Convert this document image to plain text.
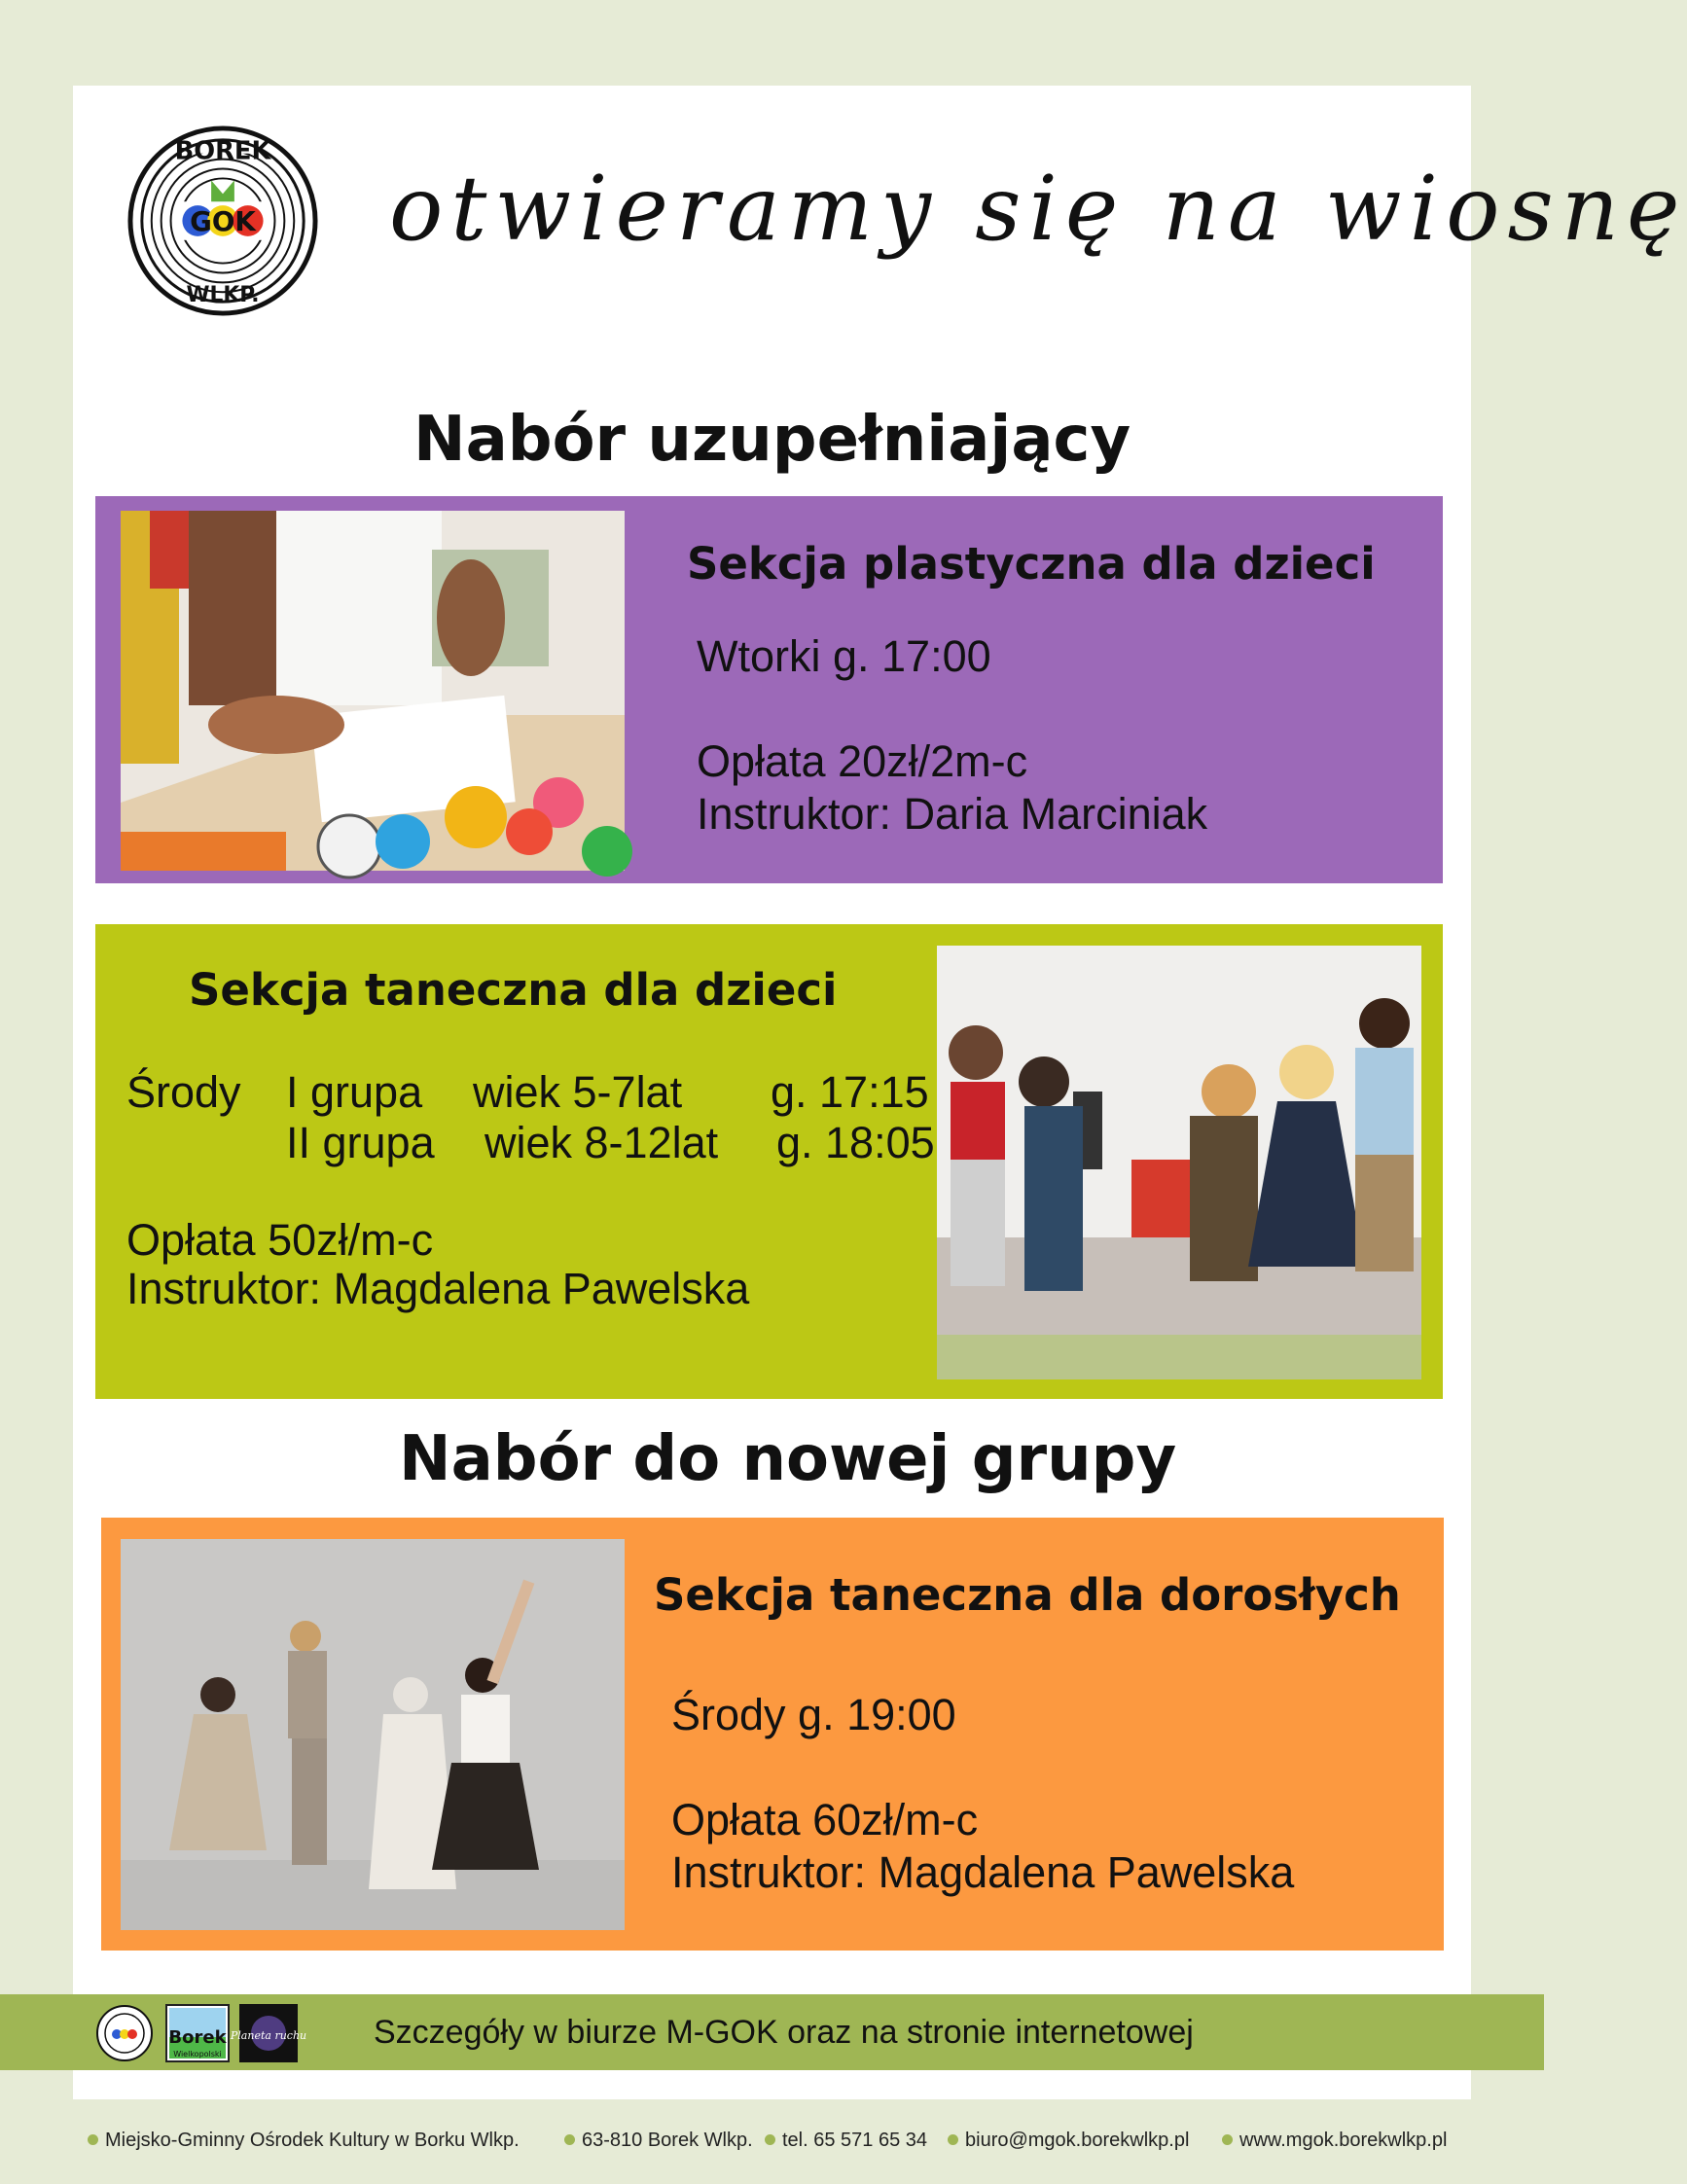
BOREK
GOK
WLKP.
otwieramy się na wiosnę
Nabór uzupełniający
Sekcja plastyczna dla dzieci
Wtorki g. 17:00
Opłata 20zł/2m-c
Instruktor: Daria Marciniak
Sekcja taneczna dla dzieci
Środy I grupa wiek 5-7lat g. 17:15
II grupa wiek 8-12lat g. 18:05
Opłata 50zł/m-c
Instruktor: Magdalena Pawelska
Nabór do nowej grupy
Sekcja taneczna dla dorosłych
Środy g. 19:00
Opłata 60zł/m-c
Instruktor: Magdalena Pawelska
Borek
Wielkopolski
Planeta ruchu Szczegóły w biurze M-GOK oraz na stronie internetowej
Miejsko-Gminny Ośrodek Kultury w Borku Wlkp.	63-810 Borek Wlkp.	tel. 65 571 65 34	biuro@mgok.borekwlkp.pl	www.mgok.borekwlkp.pl
